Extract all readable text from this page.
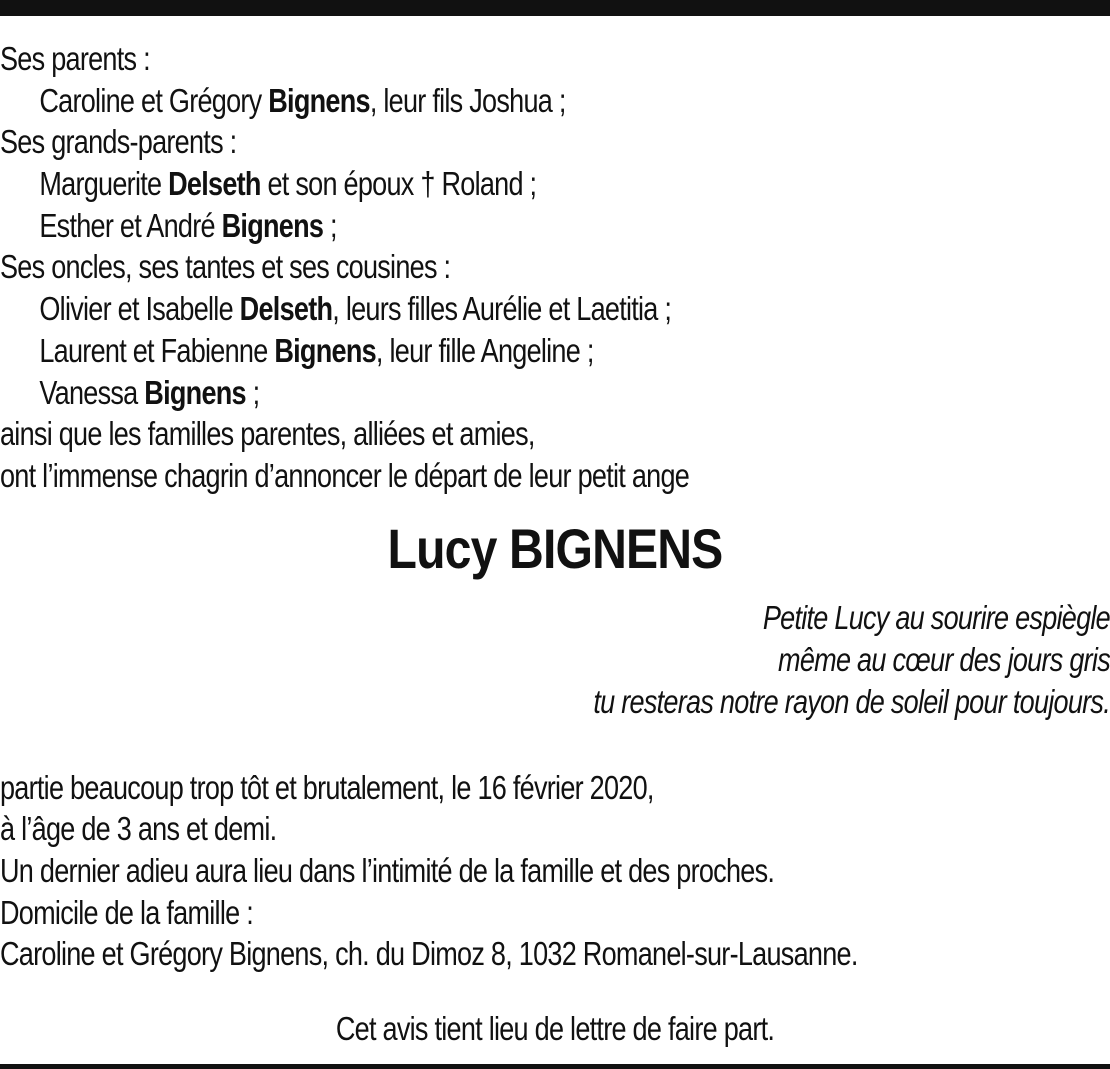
Ses parents :
Caroline et Grégory Bignens, leur fils Joshua ;
Ses grands-parents :
Marguerite Delseth et son époux † Roland ;
Esther et André Bignens ;
Ses oncles, ses tantes et ses cousines :
Olivier et Isabelle Delseth, leurs filles Aurélie et Laetitia ;
Laurent et Fabienne Bignens, leur fille Angeline ;
Vanessa Bignens ;
ainsi que les familles parentes, alliées et amies,
ont l’immense chagrin d’annoncer le départ de leur petit ange
Lucy BIGNENS
Petite Lucy au sourire espiègle
même au cœur des jours gris
tu resteras notre rayon de soleil pour toujours.
partie beaucoup trop tôt et brutalement, le 16 février 2020,
à l’âge de 3 ans et demi.
Un dernier adieu aura lieu dans l’intimité de la famille et des proches.
Domicile de la famille :
Caroline et Grégory Bignens, ch. du Dimoz 8, 1032 Romanel-sur-Lausanne.
Cet avis tient lieu de lettre de faire part.
